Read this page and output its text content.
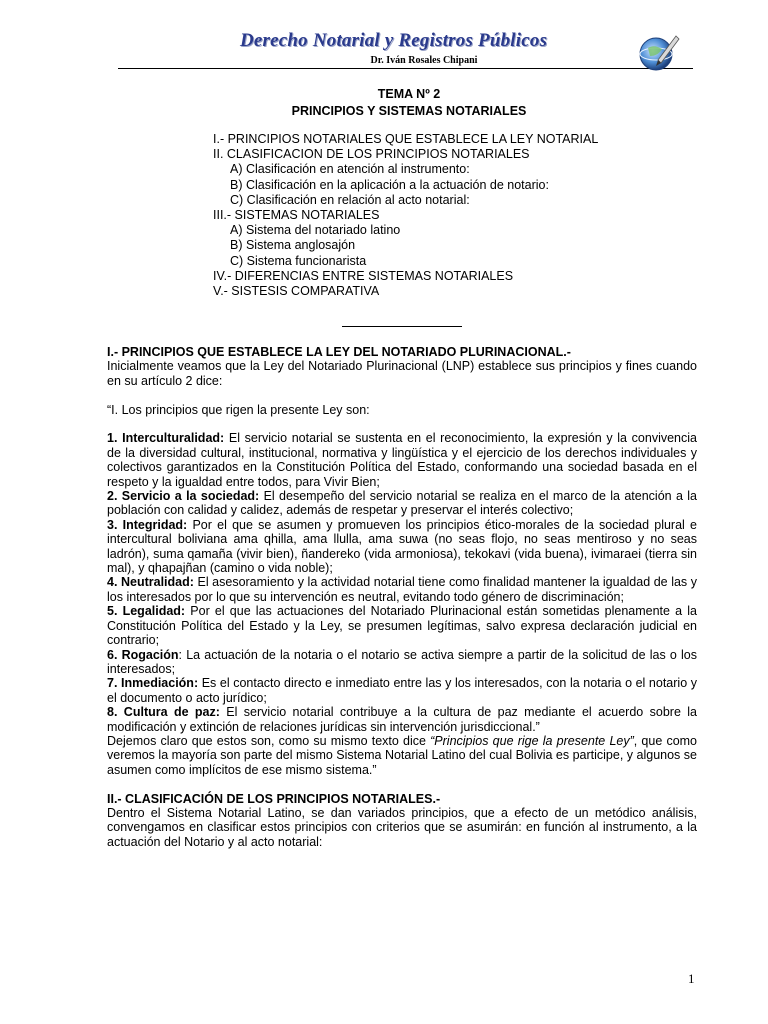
Derecho Notarial y Registros Públicos
Dr. Iván Rosales Chipani
TEMA Nº 2
PRINCIPIOS Y SISTEMAS NOTARIALES
I.- PRINCIPIOS NOTARIALES QUE ESTABLECE LA LEY NOTARIAL
II. CLASIFICACION DE LOS PRINCIPIOS NOTARIALES
A) Clasificación en atención al instrumento:
B) Clasificación en la aplicación a la actuación de notario:
C) Clasificación en relación al acto notarial:
III.- SISTEMAS NOTARIALES
A) Sistema del notariado latino
B) Sistema anglosajón
C) Sistema funcionarista
IV.- DIFERENCIAS ENTRE SISTEMAS NOTARIALES
V.- SISTESIS COMPARATIVA

I.- PRINCIPIOS QUE ESTABLECE LA LEY DEL NOTARIADO PLURINACIONAL.-

Inicialmente veamos que la Ley del Notariado Plurinacional (LNP) establece sus principios y fines cuando en su artículo 2 dice:

“I. Los principios que rigen la presente Ley son:

1. Interculturalidad: El servicio notarial se sustenta en el reconocimiento, la expresión y la convivencia de la diversidad cultural, institucional, normativa y lingüística y el ejercicio de los derechos individuales y colectivos garantizados en la Constitución Política del Estado, conformando una sociedad basada en el respeto y la igualdad entre todos, para Vivir Bien;

2. Servicio a la sociedad: El desempeño del servicio notarial se realiza en el marco de la atención a la población con calidad y calidez, además de respetar y preservar el interés colectivo;

3. Integridad: Por el que se asumen y promueven los principios ético-morales de la sociedad plural e intercultural boliviana ama qhilla, ama llulla, ama suwa (no seas flojo, no seas mentiroso y no seas ladrón), suma qamaña (vivir bien), ñandereko (vida armoniosa), tekokavi (vida buena), ivimaraei (tierra sin mal), y qhapajñan (camino o vida noble);

4. Neutralidad: El asesoramiento y la actividad notarial tiene como finalidad mantener la igualdad de las y los interesados por lo que su intervención es neutral, evitando todo género de discriminación;

5. Legalidad: Por el que las actuaciones del Notariado Plurinacional están sometidas plenamente a la Constitución Política del Estado y la Ley, se presumen legítimas, salvo expresa declaración judicial en contrario;

6. Rogación: La actuación de la notaria o el notario se activa siempre a partir de la solicitud de las o los interesados;

7. Inmediación: Es el contacto directo e inmediato entre las y los interesados, con la notaria o el notario y el documento o acto jurídico;

8. Cultura de paz: El servicio notarial contribuye a la cultura de paz mediante el acuerdo sobre la modificación y extinción de relaciones jurídicas sin intervención jurisdiccional.”

Dejemos claro que estos son, como su mismo texto dice “Principios que rige la presente Ley”, que como veremos la mayoría son parte del mismo Sistema Notarial Latino del cual Bolivia es participe, y algunos se asumen como implícitos de ese mismo sistema.”

II.- CLASIFICACIÓN DE LOS PRINCIPIOS NOTARIALES.-

Dentro el Sistema Notarial Latino, se dan variados principios, que a efecto de un metódico análisis, convengamos en clasificar estos principios con criterios que se asumirán: en función al instrumento, a la actuación del Notario y al acto notarial:

1
